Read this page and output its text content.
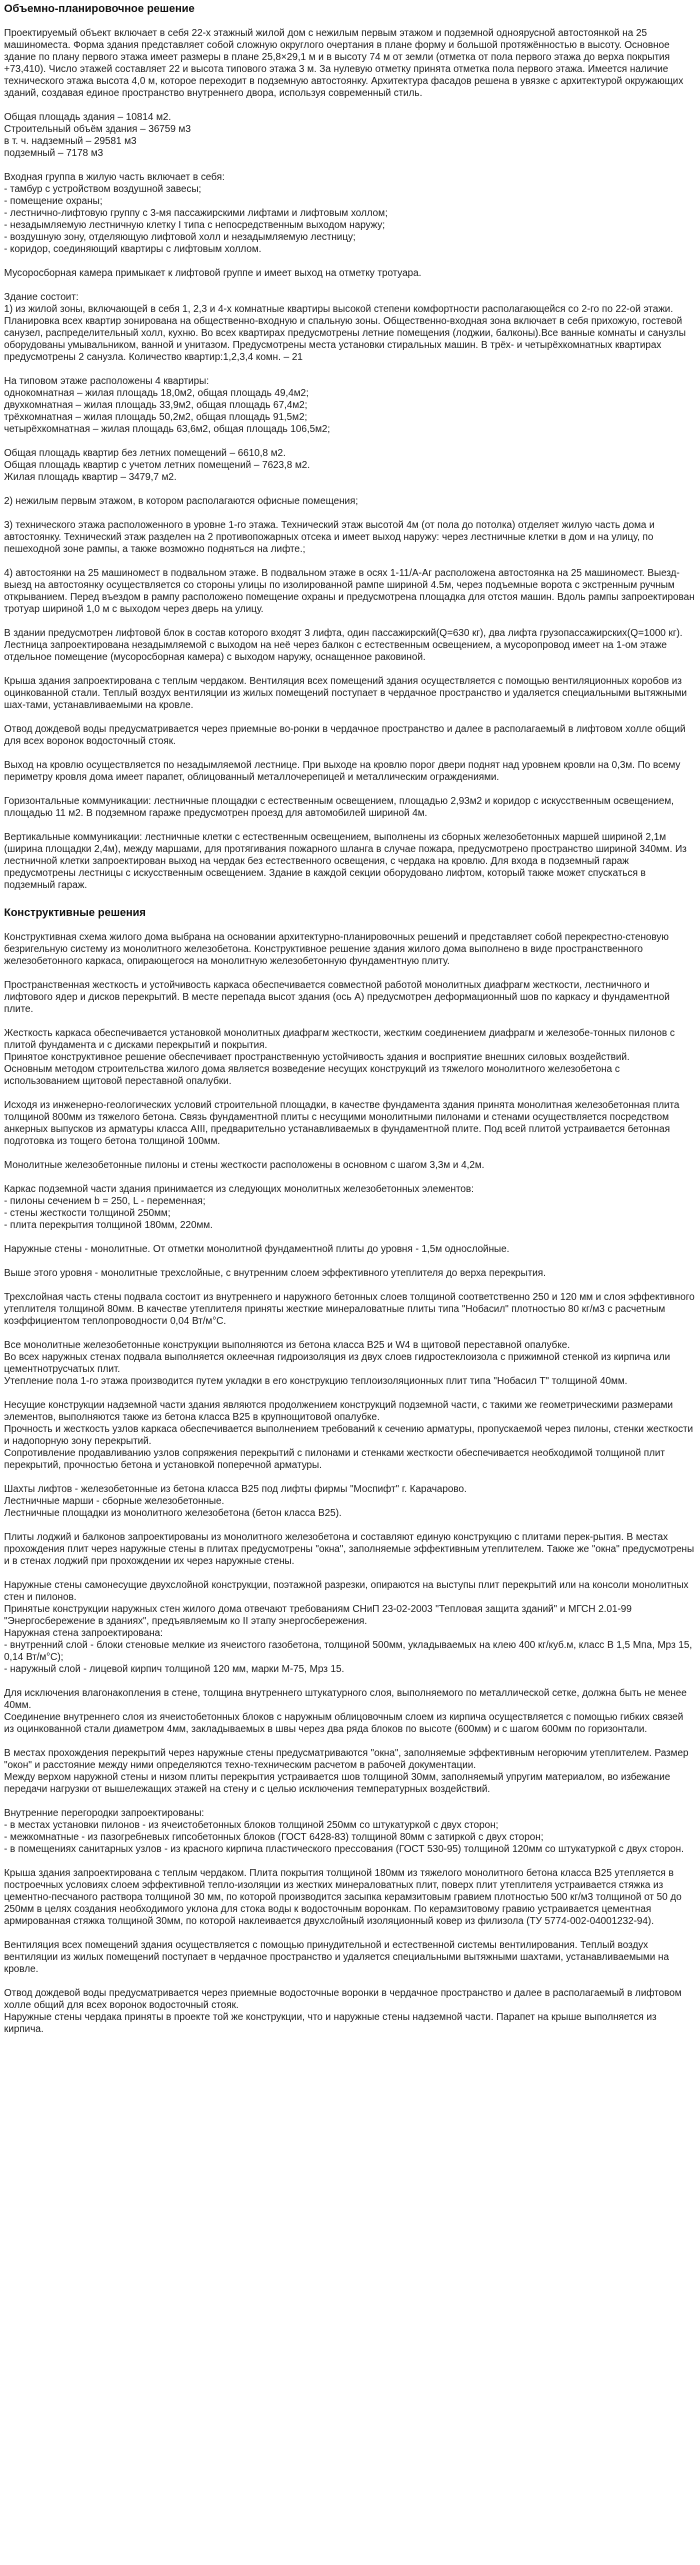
Объемно-планировочное решение

Проектируемый объект включает в себя 22-х этажный жилой дом с нежилым первым этажом и подземной одноярусной автостоянкой на 25 машиноместа. Форма здания представляет собой сложную округлого очертания в плане форму и большой протяжённостью в высоту. Основное здание по плану первого этажа имеет размеры в плане 25,8×29,1 м и в высоту 74 м от земли (отметка от пола первого этажа до верха покрытия +73,410). Число этажей составляет 22 и высота типового этажа 3 м. За нулевую отметку принята отметка пола первого этажа. Имеется наличие технического этажа высота 4,0 м, которое переходит в подземную автостоянку. Архитектура фасадов решена в увязке с архитектурой окружающих зданий, создавая единое пространство внутреннего двора, используя современный стиль.

Общая площадь здания – 10814 м2.
Строительный объём здания – 36759 м3
в т. ч. надземный – 29581 м3
подземный – 7178 м3

Входная группа в жилую часть включает в себя:
- тамбур с устройством воздушной завесы;
- помещение охраны;
- лестнично-лифтовую группу с 3-мя пассажирскими лифтами и лифтовым холлом;
- незадымляемую лестничную клетку I типа с непосредственным выходом наружу;
- воздушную зону, отделяющую лифтовой холл и незадымляемую лестницу;
- коридор, соединяющий квартиры с лифтовым холлом.

Мусоросборная камера примыкает к лифтовой группе и имеет выход на отметку тротуара.

Здание состоит:
1) из жилой зоны, включающей в себя 1, 2,3 и 4-х комнатные квартиры высокой степени комфортности располагающейся со 2-го по 22-ой этажи. Планировка всех квартир зонирована на общественно-входную и спальную зоны. Общественно-входная зона включает в себя прихожую, гостевой санузел, распределительный холл, кухню. Во всех квартирах предусмотрены летние помещения (лоджии, балконы).Все ванные комнаты и санузлы оборудованы умывальником, ванной и унитазом. Предусмотрены места установки стиральных машин. В трёх- и четырёхкомнатных квартирах предусмотрены 2 санузла. Количество квартир:1,2,3,4 комн. – 21

На типовом этаже расположены 4 квартиры:
однокомнатная – жилая площадь 18,0м2, общая площадь 49,4м2;
двухкомнатная – жилая площадь 33,9м2, общая площадь 67,4м2;
трёхкомнатная – жилая площадь 50,2м2, общая площадь 91,5м2;
четырёхкомнатная – жилая площадь 63,6м2, общая площадь 106,5м2;

Общая площадь квартир без летних помещений – 6610,8 м2.
Общая площадь квартир с учетом летних помещений – 7623,8 м2.
Жилая площадь квартир – 3479,7 м2.

2) нежилым первым этажом, в котором располагаются офисные помещения;

3) технического этажа расположенного в уровне 1-го этажа. Технический этаж высотой 4м (от пола до потолка) отделяет жилую часть дома и автостоянку. Технический этаж разделен на 2 противопожарных отсека и имеет выход наружу: через лестничные клетки в дом и на улицу, по пешеходной зоне рампы, а также возможно подняться на лифте.;

4) автостоянки на 25 машиномест в подвальном этаже. В подвальном этаже в осях 1-11/А-Аг расположена автостоянка на 25 машиномест. Выезд-выезд на автостоянку осуществляется со стороны улицы по изолированной рампе шириной 4.5м, через подъемные ворота с экстренным ручным открыванием. Перед въездом в рампу расположено помещение охраны и предусмотрена площадка для отстоя машин. Вдоль рампы запроектирован тротуар шириной 1,0 м с выходом через дверь на улицу.

В здании предусмотрен лифтовой блок в состав которого входят 3 лифта, один пассажирский(Q=630 кг), два лифта грузопассажирских(Q=1000 кг). Лестница запроектирована незадымляемой с выходом на неё через балкон с естественным освещением, а мусоропровод имеет на 1-ом этаже отдельное помещение (мусоросборная камера) с выходом наружу, оснащенное раковиной.

Крыша здания запроектирована с теплым чердаком. Вентиляция всех помещений здания осуществляется с помощью вентиляционных коробов из оцинкованной стали. Теплый воздух вентиляции из жилых помещений поступает в чердачное пространство и удаляется специальными вытяжными шах-тами, устанавливаемыми на кровле.

Отвод дождевой воды предусматривается через приемные во-ронки в чердачное пространство и далее в располагаемый в лифтовом холле общий для всех воронок водосточный стояк.

Выход на кровлю осуществляется по незадымляемой лестнице. При выходе на кровлю порог двери поднят над уровнем кровли на 0,3м. По всему периметру кровля дома имеет парапет, облицованный металлочерепицей и металлическим ограждениями.

Горизонтальные коммуникации: лестничные площадки с естественным освещением, площадью 2,93м2 и коридор с искусственным освещением, площадью 11 м2. В подземном гараже предусмотрен проезд для автомобилей шириной 4м.

Вертикальные коммуникации: лестничные клетки с естественным освещением, выполнены из сборных железобетонных маршей шириной 2,1м (ширина площадки 2,4м), между маршами, для протягивания пожарного шланга в случае пожара, предусмотрено пространство шириной 340мм. Из лестничной клетки запроектирован выход на чердак без естественного освещения, с чердака на кровлю. Для входа в подземный гараж предусмотрены лестницы с искусственным освещением. Здание в каждой секции оборудовано лифтом, который также может спускаться в подземный гараж.

Конструктивные решения

Конструктивная схема жилого дома выбрана на основании архитектурно-планировочных решений и представляет собой перекрестно-стеновую безригельную систему из монолитного железобетона. Конструктивное решение здания жилого дома выполнено в виде пространственного железобетонного каркаса, опирающегося на монолитную железобетонную фундаментную плиту.

Пространственная жесткость и устойчивость каркаса обеспечивается совместной работой монолитных диафрагм жесткости, лестничного и лифтового ядер и дисков перекрытий. В месте перепада высот здания (ось А) предусмотрен деформационный шов по каркасу и фундаментной плите.

Жесткость каркаса обеспечивается установкой монолитных диафрагм жесткости, жестким соединением диафрагм и железобе-тонных пилонов с плитой фундамента и с дисками перекрытий и покрытия.
Принятое конструктивное решение обеспечивает пространственную устойчивость здания и восприятие внешних силовых воздействий.
Основным методом строительства жилого дома является возведение несущих конструкций из тяжелого монолитного железобетона с использованием щитовой переставной опалубки.

Исходя из инженерно-геологических условий строительной площадки, в качестве фундамента здания принята монолитная железобетонная плита толщиной 800мм из тяжелого бетона. Связь фундаментной плиты с несущими монолитными пилонами и стенами осуществляется посредством анкерных выпусков из арматуры класса АIII, предварительно устанавливаемых в фундаментной плите. Под всей плитой устраивается бетонная подготовка из тощего бетона толщиной 100мм.

Монолитные железобетонные пилоны и стены жесткости расположены в основном с шагом 3,3м и 4,2м.

Каркас подземной части здания принимается из следующих монолитных железобетонных элементов:
- пилоны сечением b = 250, L - переменная;
- стены жесткости толщиной 250мм;
- плита перекрытия толщиной 180мм, 220мм.

Наружные стены - монолитные. От отметки монолитной фундаментной плиты до уровня - 1,5м однослойные.

Выше этого уровня - монолитные трехслойные, с внутренним слоем эффективного утеплителя до верха перекрытия.

Трехслойная часть стены подвала состоит из внутреннего и наружного бетонных слоев толщиной соответственно 250 и 120 мм и слоя эффективного утеплителя толщиной 80мм. В качестве утеплителя приняты жесткие минераловатные плиты типа "Нобасил" плотностью 80 кг/м3 с расчетным коэффициентом теплопроводности 0,04 Вт/м°С.

Все монолитные железобетонные конструкции выполняются из бетона класса В25 и W4 в щитовой переставной опалубке.
Во всех наружных стенах подвала выполняется оклеечная гидроизоляция из двух слоев гидростеклоизола с прижимной стенкой из кирпича или цементнотрусчатых плит.
Утепление пола 1-го этажа производится путем укладки в его конструкцию теплоизоляционных плит типа "Нобасил Т" толщиной 40мм.

Несущие конструкции надземной части здания являются продолжением конструкций подземной части, с такими же геометрическими размерами элементов, выполняются также из бетона класса В25 в крупнощитовой опалубке.
Прочность и жесткость узлов каркаса обеспечивается выполнением требований к сечению арматуры, пропускаемой через пилоны, стенки жесткости и надопорную зону перекрытий.
Сопротивление продавливанию узлов сопряжения перекрытий с пилонами и стенками жесткости обеспечивается необходимой толщиной плит перекрытий, прочностью бетона и установкой поперечной арматуры.

Шахты лифтов - железобетонные из бетона класса В25 под лифты фирмы "Моспифт" г. Карачарово.
Лестничные марши - сборные железобетонные.
Лестничные площадки из монолитного железобетона (бетон класса В25).

Плиты лоджий и балконов запроектированы из монолитного железобетона и составляют единую конструкцию с плитами перек-рытия. В местах прохождения плит через наружные стены в плитах предусмотрены "окна", заполняемые эффективным утеплителем. Также же "окна" предусмотрены и в стенах лоджий при прохождении их через наружные стены.

Наружные стены самонесущие двухслойной конструкции, поэтажной разрезки, опираются на выступы плит перекрытий или на консоли монолитных стен и пилонов.
Принятые конструкции наружных стен жилого дома отвечают требованиям СНиП 23-02-2003 "Тепловая защита зданий" и МГСН 2.01-99 "Энергосбережение в зданиях", предъявляемым ко II этапу энергосбережения.
Наружная стена запроектирована:
- внутренний слой - блоки стеновые мелкие из ячеистого газобетона, толщиной 500мм, укладываемых на клею 400 кг/куб.м, класс В 1,5 Мпа, Мрз 15, 0,14 Вт/м°С);
- наружный слой - лицевой кирпич толщиной 120 мм, марки М-75, Мрз 15.

Для исключения влагонакопления в стене, толщина внутреннего штукатурного слоя, выполняемого по металлической сетке, должна быть не менее 40мм.
Соединение внутреннего слоя из ячеистобетонных блоков с наружным облицовочным слоем из кирпича осуществляется с помощью гибких связей из оцинкованной стали диаметром 4мм, закладываемых в швы через два ряда блоков по высоте (600мм) и с шагом 600мм по горизонтали.

В местах прохождения перекрытий через наружные стены предусматриваются "окна", заполняемые эффективным негорючим утеплителем. Размер "окон" и расстояние между ними определяются техно-техническим расчетом в рабочей документации.
Между верхом наружной стены и низом плиты перекрытия устраивается шов толщиной 30мм, заполняемый упругим материалом, во избежание передачи нагрузки от вышележащих этажей на стену и с целью исключения температурных воздействий.

Внутренние перегородки запроектированы:
- в местах установки пилонов - из ячеистобетонных блоков толщиной 250мм со штукатуркой с двух сторон;
- межкомнатные - из пазогребневых гипсобетонных блоков (ГОСТ 6428-83) толщиной 80мм с затиркой с двух сторон;
- в помещениях санитарных узлов - из красного кирпича пластического прессования (ГОСТ 530-95) толщиной 120мм со штукатуркой с двух сторон.

Крыша здания запроектирована с теплым чердаком. Плита покрытия толщиной 180мм из тяжелого монолитного бетона класса В25 утепляется в построечных условиях слоем эффективной тепло-изоляции из жестких минераловатных плит, поверх плит утеплителя устраивается стяжка из цементно-песчаного раствора толщиной 30 мм, по которой производится засыпка керамзитовым гравием плотностью 500 кг/м3 толщиной от 50 до 250мм в целях создания необходимого уклона для стока воды к водосточным воронкам. По керамзитовому гравию устраивается цементная армированная стяжка толщиной 30мм, по которой наклеивается двухслойный изоляционный ковер из филизола (ТУ 5774-002-04001232-94).

Вентиляция всех помещений здания осуществляется с помощью принудительной и естественной системы вентилирования. Теплый воздух вентиляции из жилых помещений поступает в чердачное пространство и удаляется специальными вытяжными шахтами, устанавливаемыми на кровле.

Отвод дождевой воды предусматривается через приемные водосточные воронки в чердачное пространство и далее в располагаемый в лифтовом холле общий для всех воронок водосточный стояк.
Наружные стены чердака приняты в проекте той же конструкции, что и наружные стены надземной части. Парапет на крыше выполняется из кирпича.
